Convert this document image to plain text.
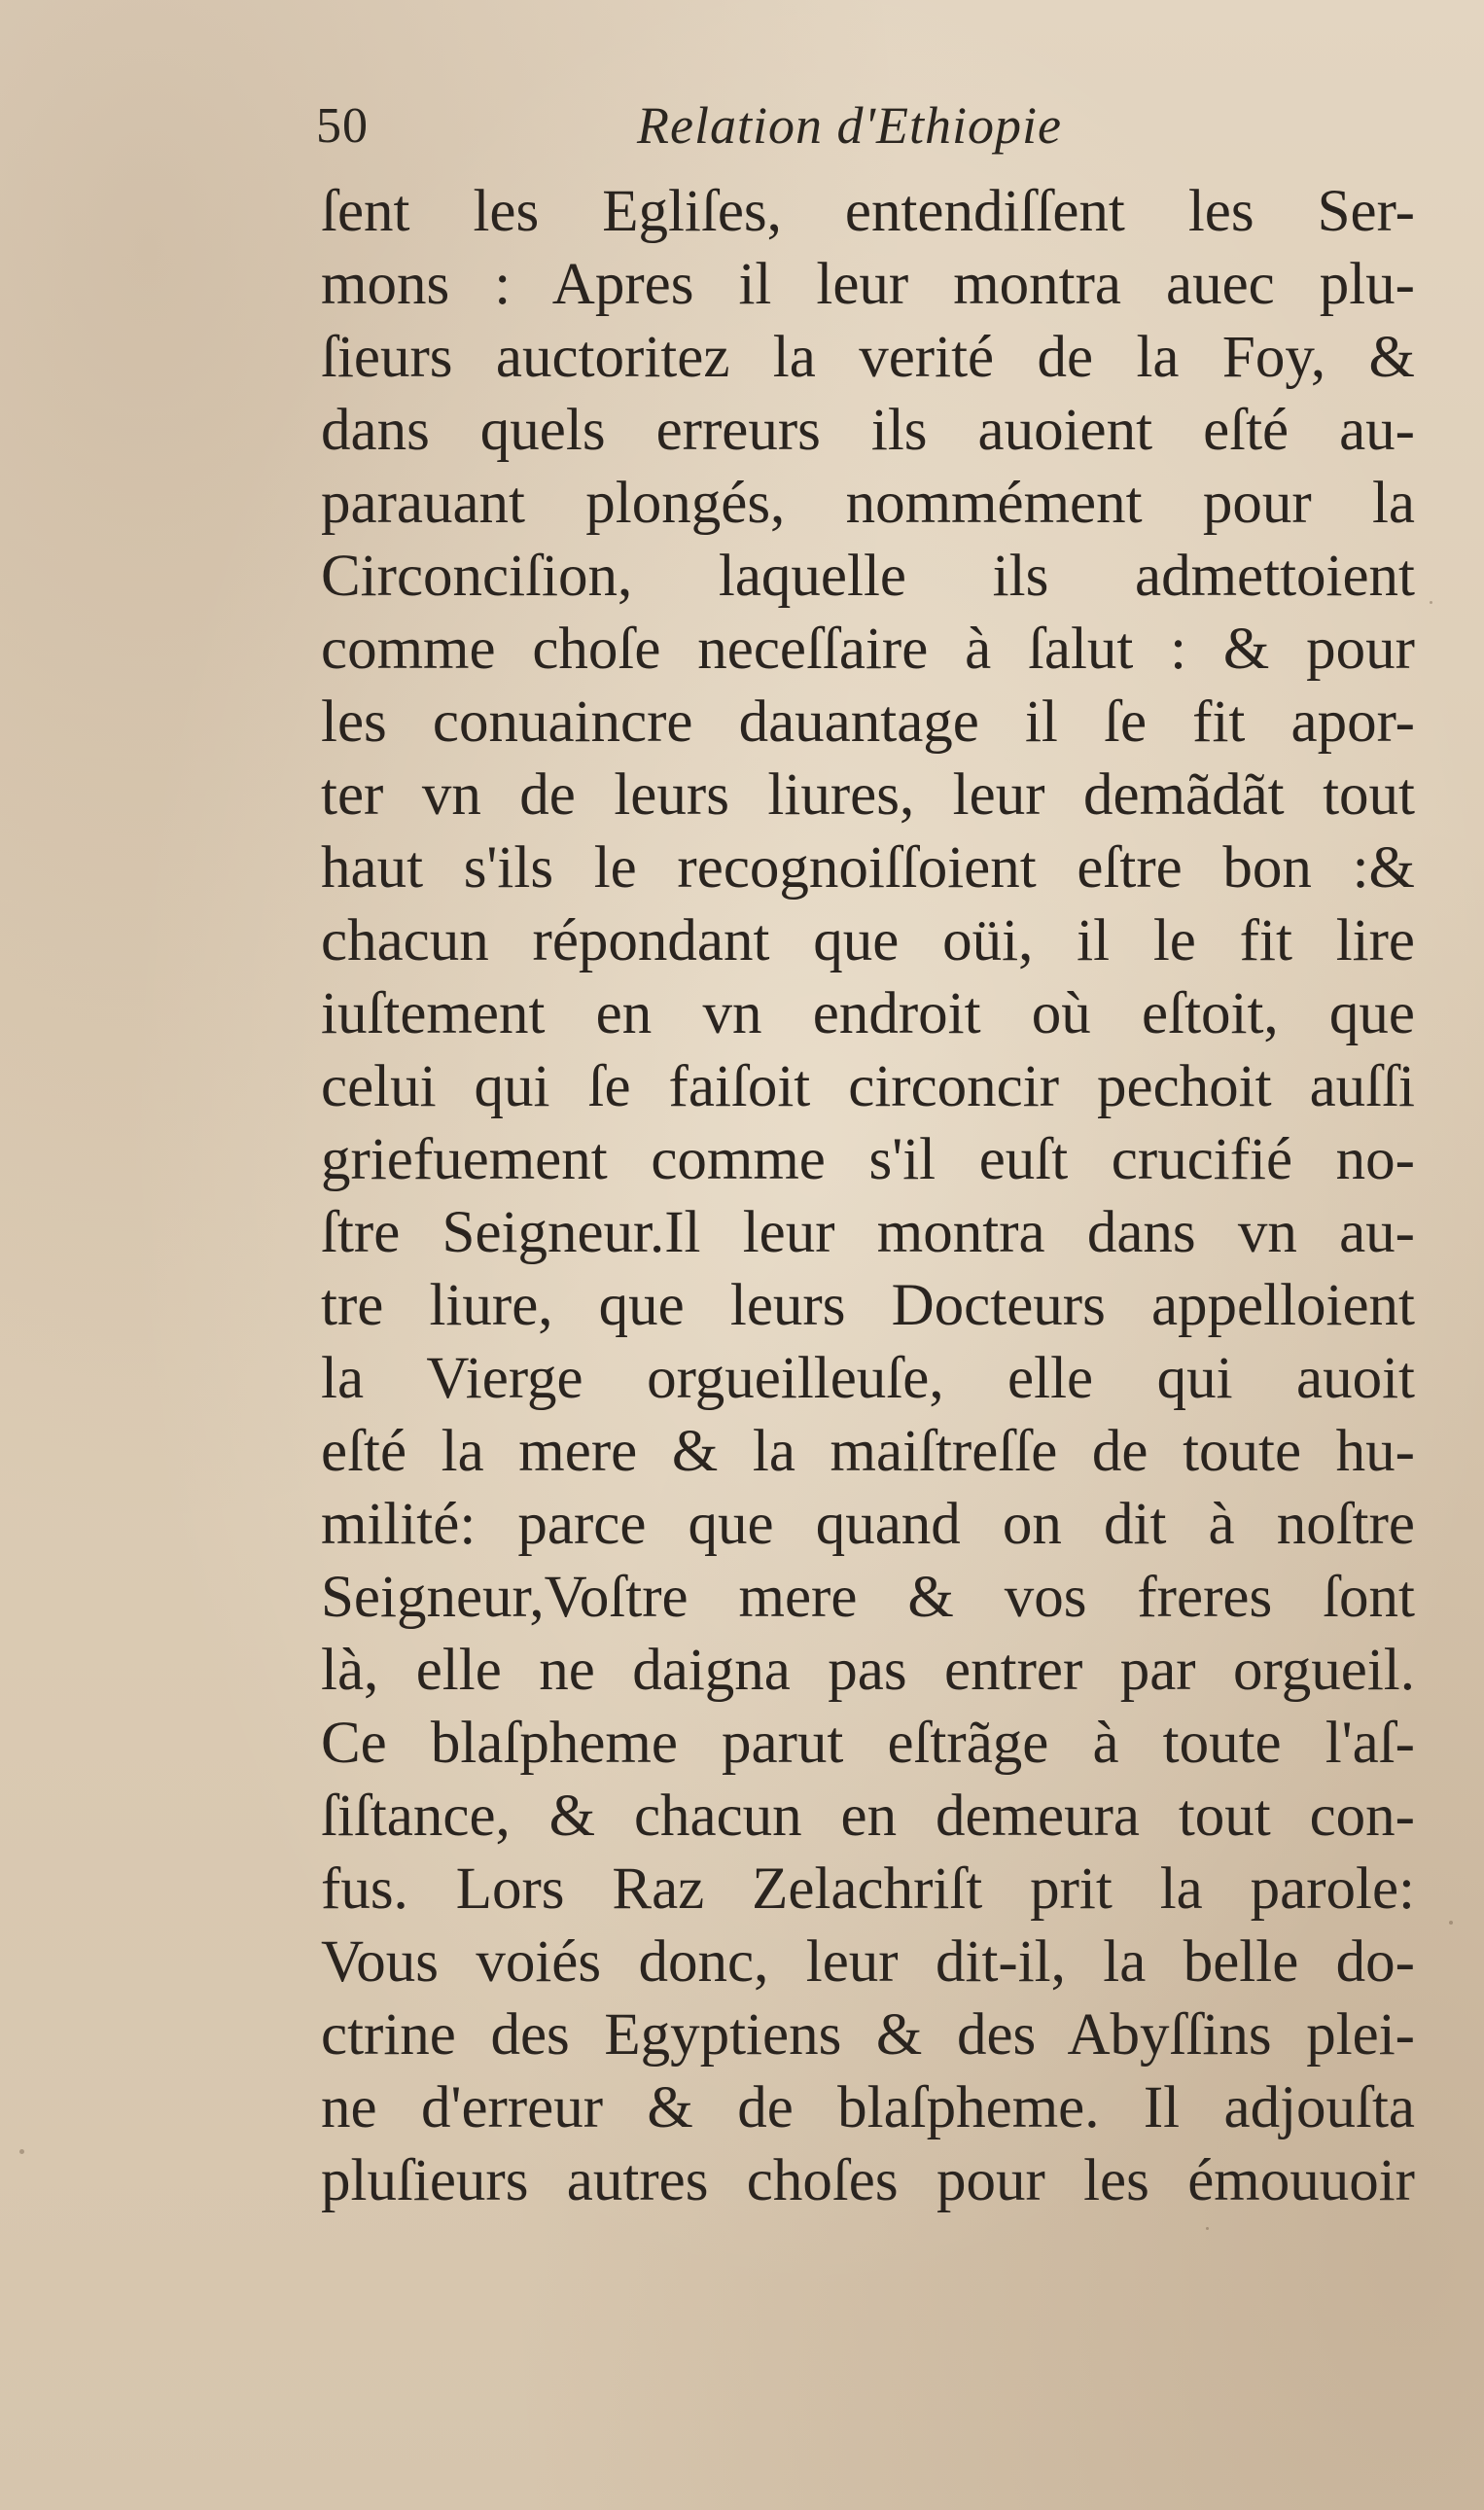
50	Relation d'Ethiopie
ſent les Egliſes, entendiſſent les Ser-
mons : Apres il leur montra auec plu-
ſieurs auctoritez la verité de la Foy, &
dans quels erreurs ils auoient eſté au-
parauant plongés, nommément pour la
Circonciſion, laquelle ils admettoient
comme choſe neceſſaire à ſalut : & pour
les conuaincre dauantage il ſe fit apor-
ter vn de leurs liures, leur demãdãt tout
haut s'ils le recognoiſſoient eſtre bon :&
chacun répondant que oüi, il le fit lire
iuſtement en vn endroit où eſtoit, que
celui qui ſe faiſoit circoncir pechoit auſſi
griefuement comme s'il euſt crucifié no-
ſtre Seigneur.Il leur montra dans vn au-
tre liure, que leurs Docteurs appelloient
la Vierge orgueilleuſe, elle qui auoit
eſté la mere & la maiſtreſſe de toute hu-
milité: parce que quand on dit à noſtre
Seigneur,Voſtre mere & vos freres ſont
là, elle ne daigna pas entrer par orgueil.
Ce blaſpheme parut eſtrãge à toute l'aſ-
ſiſtance, & chacun en demeura tout con-
fus. Lors Raz Zelachriſt prit la parole:
Vous voiés donc, leur dit-il, la belle do-
ctrine des Egyptiens & des Abyſſins plei-
ne d'erreur & de blaſpheme. Il adjouſta
pluſieurs autres choſes pour les émouuoir
